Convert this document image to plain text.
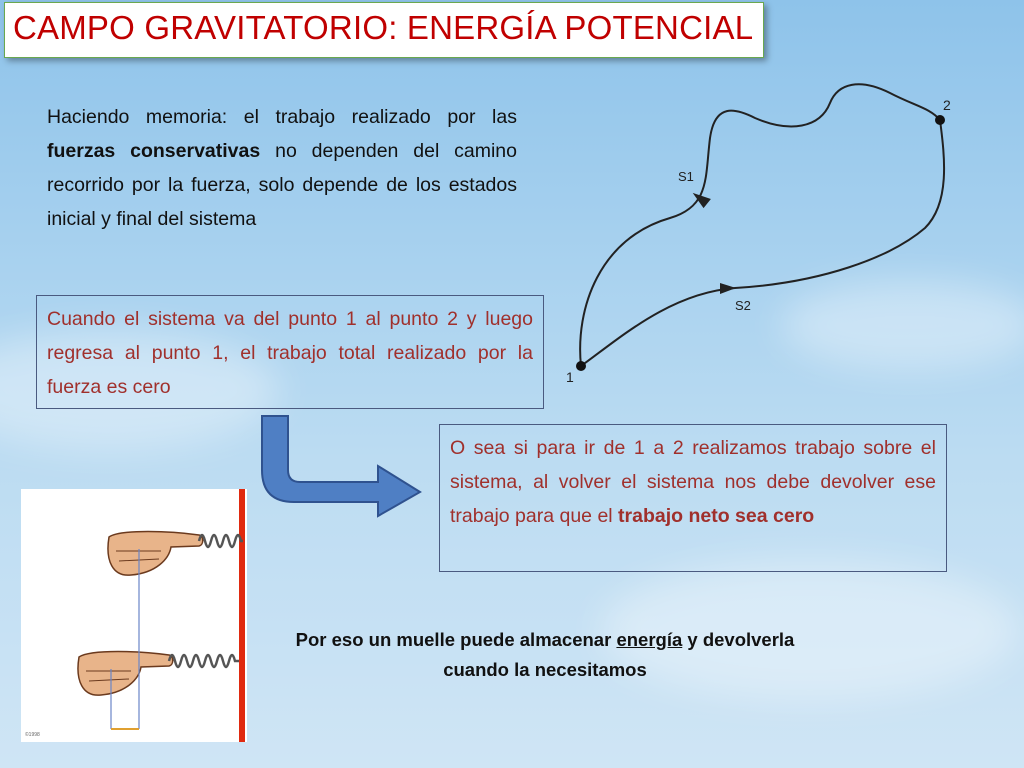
CAMPO GRAVITATORIO: ENERGÍA POTENCIAL
Haciendo memoria: el trabajo realizado por las fuerzas conservativas no dependen del camino recorrido por la fuerza, solo depende de los estados inicial y final del sistema
Cuando el sistema va del punto 1 al punto 2 y luego regresa al punto 1, el trabajo total realizado por la fuerza es cero
O sea si para ir de 1 a 2 realizamos trabajo sobre el sistema, al volver el sistema nos debe devolver ese trabajo para que el trabajo neto sea cero
Por eso un muelle puede almacenar energía y devolverla cuando la necesitamos
1
2
S1
S2
©1998
